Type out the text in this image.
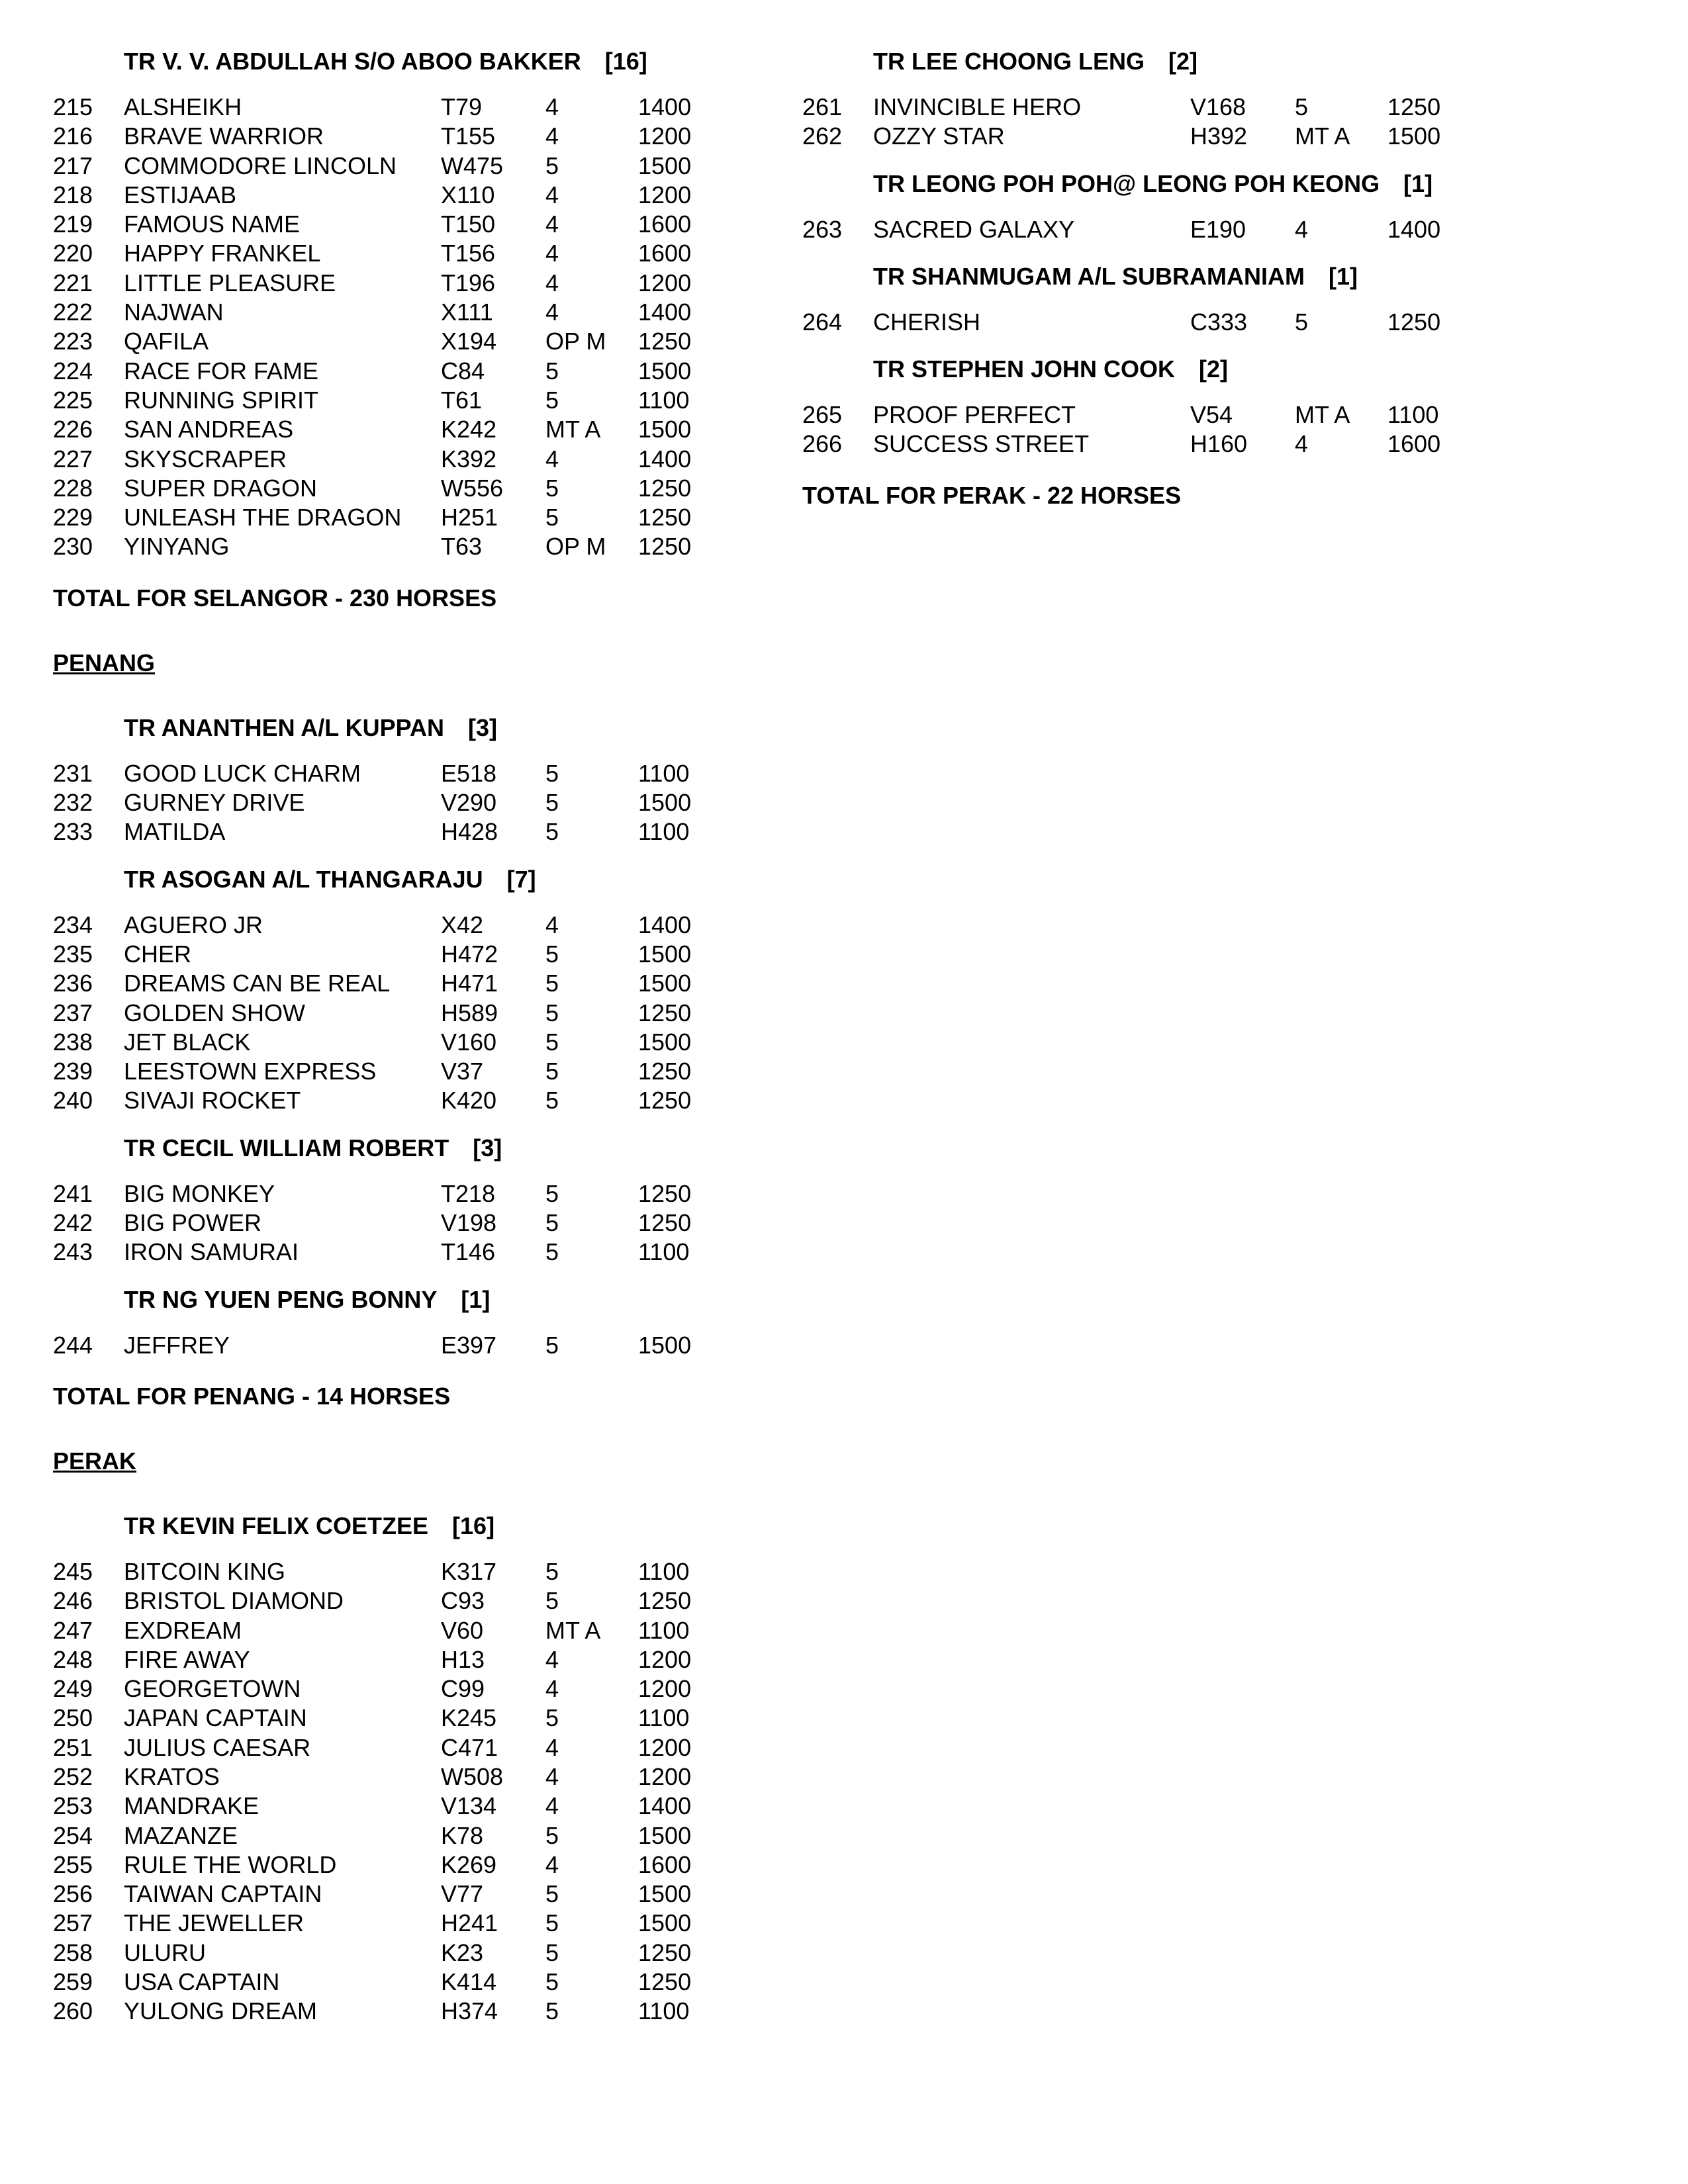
TR V. V. ABDULLAH S/O ABOO BAKKER [16]
215 ALSHEIKH	T79	4	1400
216 BRAVE WARRIOR	T155 4	1200
217 COMMODORE LINCOLN W475 5	1500
218 ESTIJAAB	X110 4	1200
219 FAMOUS NAME	T150 4	1600
220 HAPPY FRANKEL	T156 4	1600
221 LITTLE PLEASURE	T196 4	1200
222 NAJWAN	X111 4	1400
223 QAFILA	X194 OP M 1250
224 RACE FOR FAME	C84	5	1500
225 RUNNING SPIRIT	T61	5	1100
226 SAN ANDREAS	K242 MT A 1500
227 SKYSCRAPER	K392 4	1400
228 SUPER DRAGON	W556 5	1250
229 UNLEASH THE DRAGON H251 5	1250
230 YINYANG	T63	OP M 1250
TOTAL FOR SELANGOR - 230 HORSES
PENANG
TR ANANTHEN A/L KUPPAN [3]
231 GOOD LUCK CHARM	E518 5	1100
232 GURNEY DRIVE	V290 5	1500
233 MATILDA	H428 5	1100
TR ASOGAN A/L THANGARAJU [7]
234 AGUERO JR	X42	4	1400
235 CHER	H472 5	1500
236 DREAMS CAN BE REAL H471 5	1500
237 GOLDEN SHOW	H589 5	1250
238 JET BLACK	V160 5	1500
239 LEESTOWN EXPRESS	V37	5	1250
240 SIVAJI ROCKET	K420 5	1250
TR CECIL WILLIAM ROBERT [3]
241 BIG MONKEY	T218 5	1250
242 BIG POWER	V198 5	1250
243 IRON SAMURAI	T146 5	1100
TR NG YUEN PENG BONNY [1]
244 JEFFREY	E397 5	1500
TOTAL FOR PENANG - 14 HORSES
PERAK
TR KEVIN FELIX COETZEE [16]
245 BITCOIN KING	K317 5	1100
246 BRISTOL DIAMOND	C93	5	1250
247 EXDREAM	V60	MT A 1100
248 FIRE AWAY	H13	4	1200
249 GEORGETOWN	C99	4	1200
250 JAPAN CAPTAIN	K245 5	1100
251 JULIUS CAESAR	C471 4	1200
252 KRATOS	W508 4	1200
253 MANDRAKE	V134 4	1400
254 MAZANZE	K78	5	1500
255 RULE THE WORLD	K269 4	1600
256 TAIWAN CAPTAIN	V77	5	1500
257 THE JEWELLER	H241 5	1500
258 ULURU	K23	5	1250
259 USA CAPTAIN	K414 5	1250
260 YULONG DREAM	H374 5	1100
TR LEE CHOONG LENG [2]
261 INVINCIBLE HERO	V168 5	1250
262 OZZY STAR	H392 MT A 1500
TR LEONG POH POH@ LEONG POH KEONG [1]
263 SACRED GALAXY	E190 4	1400
TR SHANMUGAM A/L SUBRAMANIAM [1]
264 CHERISH	C333 5	1250
TR STEPHEN JOHN COOK [2]
265 PROOF PERFECT	V54	MT A 1100
266 SUCCESS STREET	H160 4	1600
TOTAL FOR PERAK - 22 HORSES
